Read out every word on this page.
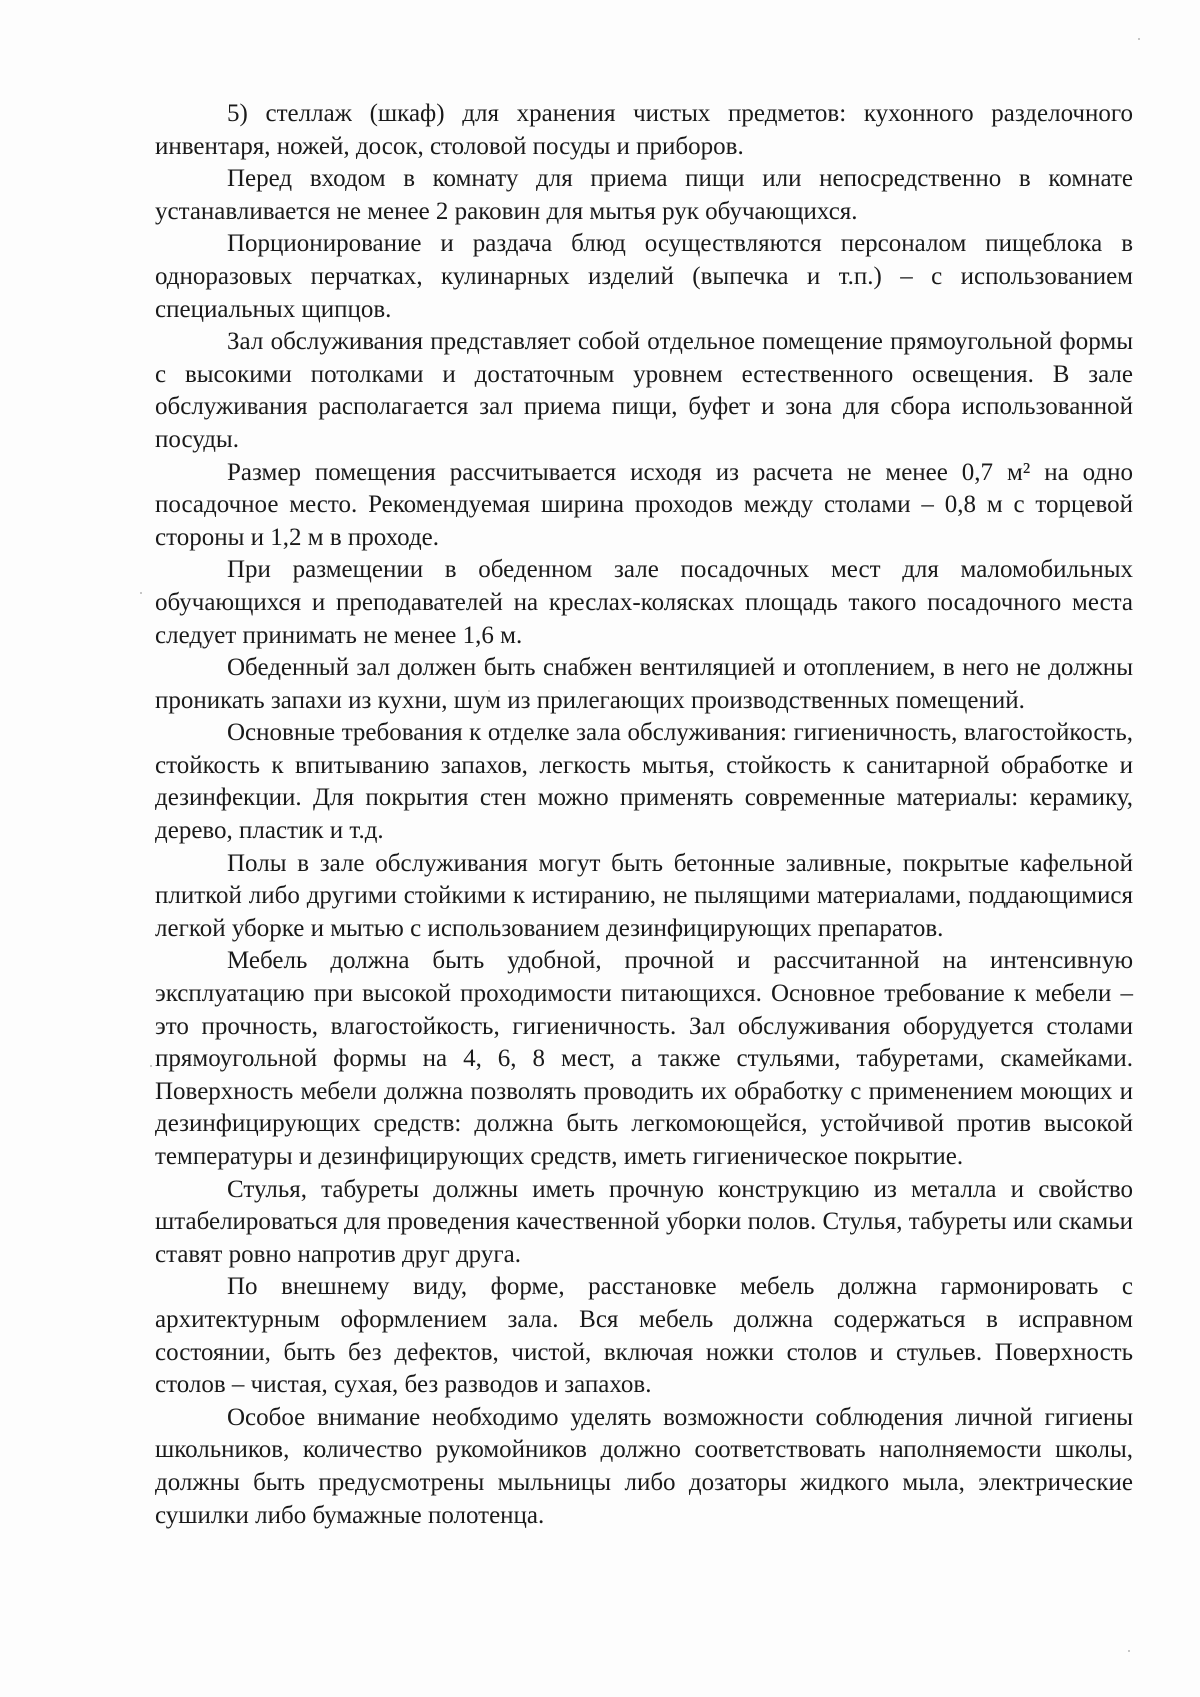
5) стеллаж (шкаф) для хранения чистых предметов: кухонного разделочного инвентаря, ножей, досок, столовой посуды и приборов.

Перед входом в комнату для приема пищи или непосредственно в комнате устанавливается не менее 2 раковин для мытья рук обучающихся.

Порционирование и раздача блюд осуществляются персоналом пищеблока в одноразовых перчатках, кулинарных изделий (выпечка и т.п.) – с использованием специальных щипцов.

Зал обслуживания представляет собой отдельное помещение прямоугольной формы с высокими потолками и достаточным уровнем естественного освещения. В зале обслуживания располагается зал приема пищи, буфет и зона для сбора использованной посуды.

Размер помещения рассчитывается исходя из расчета не менее 0,7 м² на одно посадочное место. Рекомендуемая ширина проходов между столами – 0,8 м с торцевой стороны и 1,2 м в проходе.

При размещении в обеденном зале посадочных мест для маломобильных обучающихся и преподавателей на креслах-колясках площадь такого посадочного места следует принимать не менее 1,6 м.

Обеденный зал должен быть снабжен вентиляцией и отоплением, в него не должны проникать запахи из кухни, шум из прилегающих производственных помещений.

Основные требования к отделке зала обслуживания: гигиеничность, влагостойкость, стойкость к впитыванию запахов, легкость мытья, стойкость к санитарной обработке и дезинфекции. Для покрытия стен можно применять современные материалы: керамику, дерево, пластик и т.д.

Полы в зале обслуживания могут быть бетонные заливные, покрытые кафельной плиткой либо другими стойкими к истиранию, не пылящими материалами, поддающимися легкой уборке и мытью с использованием дезинфицирующих препаратов.

Мебель должна быть удобной, прочной и рассчитанной на интенсивную эксплуатацию при высокой проходимости питающихся. Основное требование к мебели – это прочность, влагостойкость, гигиеничность. Зал обслуживания оборудуется столами прямоугольной формы на 4, 6, 8 мест, а также стульями, табуретами, скамейками. Поверхность мебели должна позволять проводить их обработку с применением моющих и дезинфицирующих средств: должна быть легкомоющейся, устойчивой против высокой температуры и дезинфицирующих средств, иметь гигиеническое покрытие.

Стулья, табуреты должны иметь прочную конструкцию из металла и свойство штабелироваться для проведения качественной уборки полов. Стулья, табуреты или скамьи ставят ровно напротив друг друга.

По внешнему виду, форме, расстановке мебель должна гармонировать с архитектурным оформлением зала. Вся мебель должна содержаться в исправном состоянии, быть без дефектов, чистой, включая ножки столов и стульев. Поверхность столов – чистая, сухая, без разводов и запахов.

Особое внимание необходимо уделять возможности соблюдения личной гигиены школьников, количество рукомойников должно соответствовать наполняемости школы, должны быть предусмотрены мыльницы либо дозаторы жидкого мыла, электрические сушилки либо бумажные полотенца.
